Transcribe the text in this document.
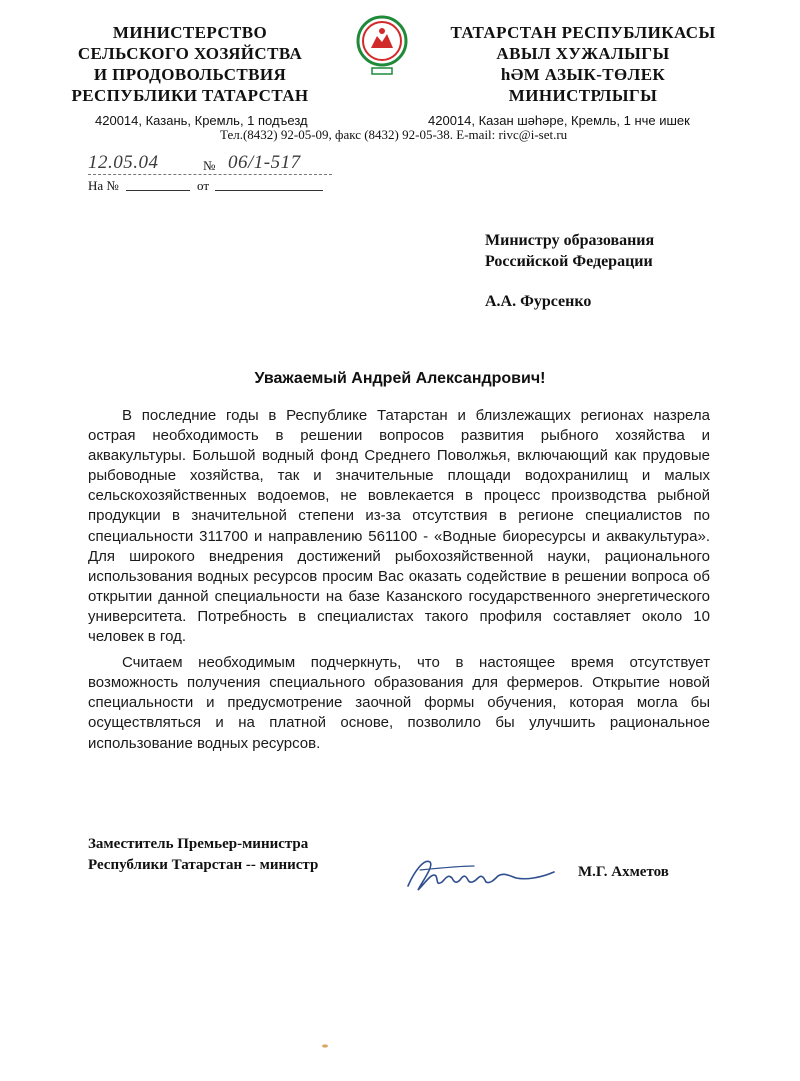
МИНИСТЕРСТВО
СЕЛЬСКОГО ХОЗЯЙСТВА
И ПРОДОВОЛЬСТВИЯ
РЕСПУБЛИКИ ТАТАРСТАН
ТАТАРСТАН РЕСПУБЛИКАСЫ
АВЫЛ ХУЖАЛЫГЫ
hӘМ АЗЫК-ТӨЛЕК
МИНИСТРЛЫГЫ
420014, Казань, Кремль, 1 подъезд	420014, Казан шәһәре, Кремль, 1 нче ишек
Тел.(8432) 92-05-09, факс (8432) 92-05-38. E-mail: rivc@i-set.ru
12.05.04	№ 06/1-517
На №	от
Министру образования
Российской Федерации
А.А. Фурсенко
Уважаемый Андрей Александрович!

В последние годы в Республике Татарстан и близлежащих регионах назрела острая необходимость в решении вопросов развития рыбного хозяйства и аквакультуры. Большой водный фонд Среднего Поволжья, включающий как прудовые рыбоводные хозяйства, так и значительные площади водохранилищ и малых сельскохозяйственных водоемов, не вовлекается в процесс производства рыбной продукции в значительной степени из-за отсутствия в регионе специалистов по специальности 311700 и направлению 561100 - «Водные биоресурсы и аквакультура». Для широкого внедрения достижений рыбохозяйственной науки, рационального использования водных ресурсов просим Вас оказать содействие в решении вопроса об открытии данной специальности на базе Казанского государственного энергетического университета. Потребность в специалистах такого профиля составляет около 10 человек в год.

Считаем необходимым подчеркнуть, что в настоящее время отсутствует возможность получения специального образования для фермеров. Открытие новой специальности и предусмотрение заочной формы обучения, которая могла бы осуществляться и на платной основе, позволило бы улучшить рациональное использование водных ресурсов.

Заместитель Премьер-министра
Республики Татарстан -- министр	М.Г. Ахметов
